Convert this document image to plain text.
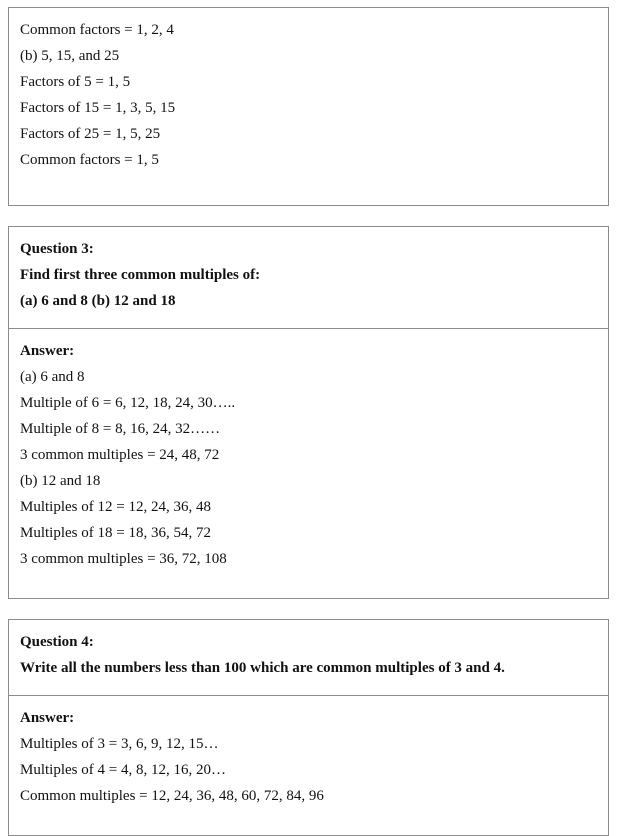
Common factors = 1, 2, 4
(b) 5, 15, and 25
Factors of 5 = 1, 5
Factors of 15 = 1, 3, 5, 15
Factors of 25 = 1, 5, 25
Common factors = 1, 5
Question 3:
Find first three common multiples of:
(a) 6 and 8 (b) 12 and 18
Answer:
(a) 6 and 8
Multiple of 6 = 6, 12, 18, 24, 30…..
Multiple of 8 = 8, 16, 24, 32……
3 common multiples = 24, 48, 72
(b) 12 and 18
Multiples of 12 = 12, 24, 36, 48
Multiples of 18 = 18, 36, 54, 72
3 common multiples = 36, 72, 108
Question 4:
Write all the numbers less than 100 which are common multiples of 3 and 4.
Answer:
Multiples of 3 = 3, 6, 9, 12, 15…
Multiples of 4 = 4, 8, 12, 16, 20…
Common multiples = 12, 24, 36, 48, 60, 72, 84, 96
